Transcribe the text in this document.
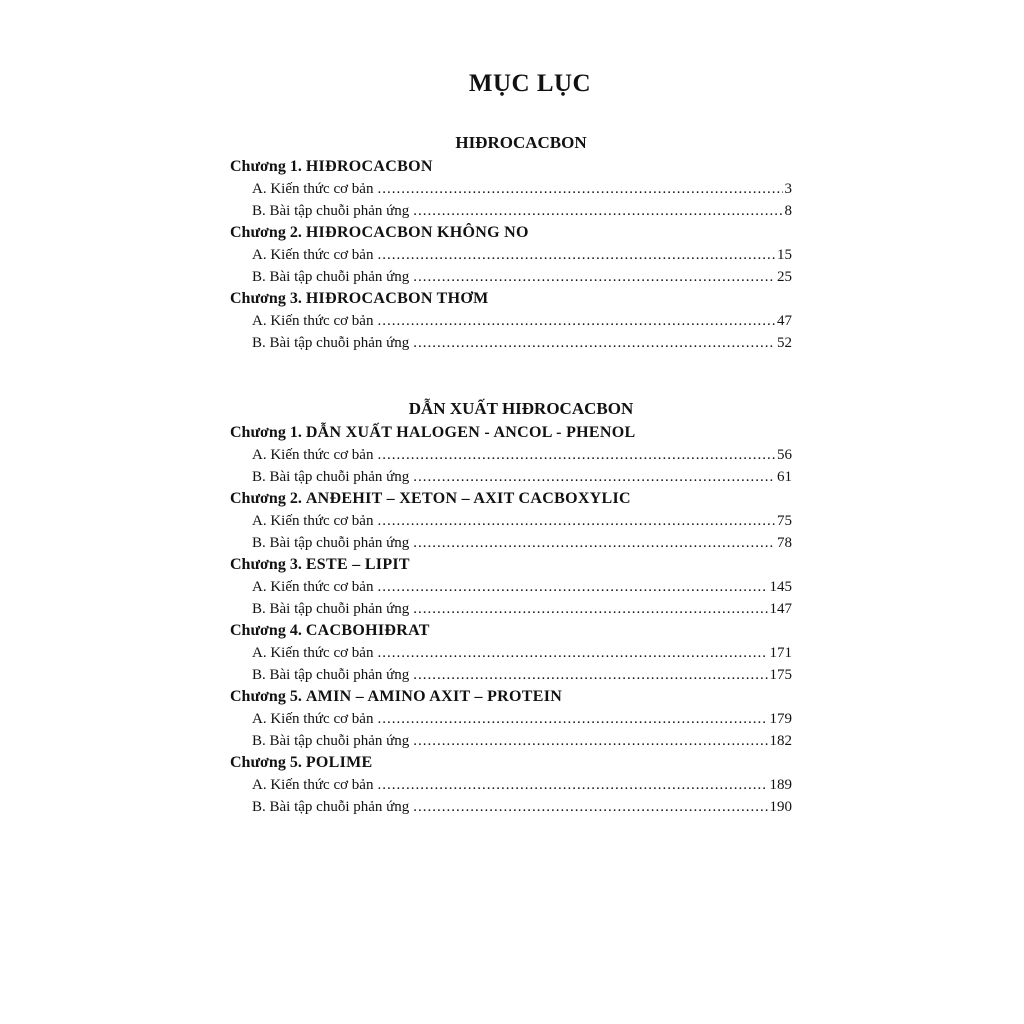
MỤC LỤC
HIĐROCACBON
Chương 1. HIĐROCACBON
A. Kiến thức cơ bản .....	3
B. Bài tập chuỗi phản ứng .....	8
Chương 2. HIĐROCACBON KHÔNG NO
A. Kiến thức cơ bản .....	15
B. Bài tập chuỗi phản ứng .....	25
Chương 3. HIĐROCACBON THƠM
A. Kiến thức cơ bản .....	47
B. Bài tập chuỗi phản ứng .....	52
DẪN XUẤT HIĐROCACBON
Chương 1. DẪN XUẤT HALOGEN - ANCOL - PHENOL
A. Kiến thức cơ bản .....	56
B. Bài tập chuỗi phản ứng .....	61
Chương 2. ANĐEHIT – XETON – AXIT CACBOXYLIC
A. Kiến thức cơ bản .....	75
B. Bài tập chuỗi phản ứng .....	78
Chương 3. ESTE – LIPIT
A. Kiến thức cơ bản .....	145
B. Bài tập chuỗi phản ứng .....	147
Chương 4. CACBOHIĐRAT
A. Kiến thức cơ bản .....	171
B. Bài tập chuỗi phản ứng .....	175
Chương 5. AMIN – AMINO AXIT – PROTEIN
A. Kiến thức cơ bản .....	179
B. Bài tập chuỗi phản ứng .....	182
Chương 5. POLIME
A. Kiến thức cơ bản .....	189
B. Bài tập chuỗi phản ứng .....	190
